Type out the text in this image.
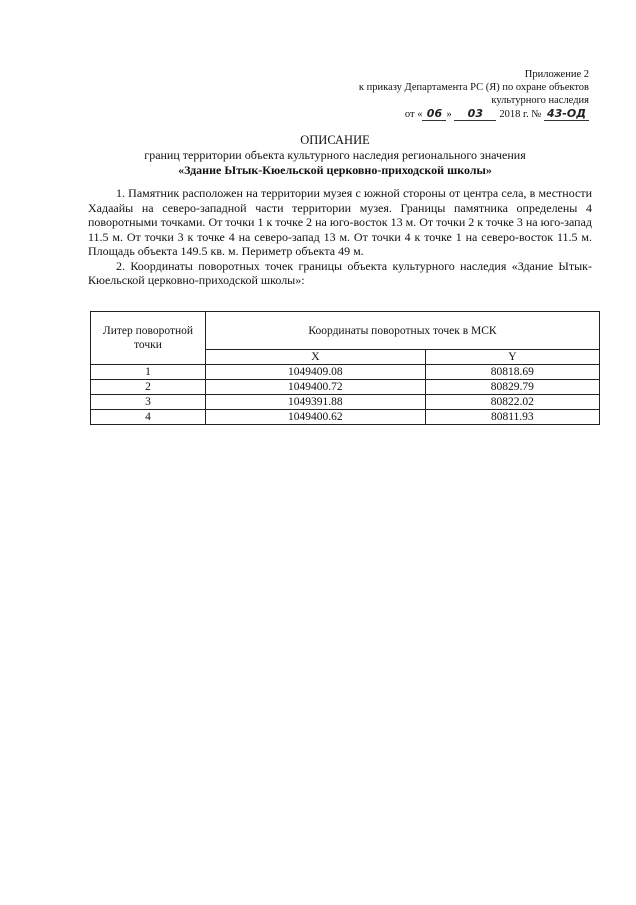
Приложение 2
к приказу Департамента РС (Я) по охране объектов
культурного наследия
от « 06 » 03 2018 г. № 43-ОД
ОПИСАНИЕ
границ территории объекта культурного наследия регионального значения
«Здание Ытык-Кюельской церковно-приходской школы»

1. Памятник расположен на территории музея с южной стороны от центра села, в местности Хадаайы на северо-западной части территории музея. Границы памятника определены 4 поворотными точками. От точки 1 к точке 2 на юго-восток 13 м. От точки 2 к точке 3 на юго-запад 11.5 м. От точки 3 к точке 4 на северо-запад 13 м. От точки 4 к точке 1 на северо-восток 11.5 м. Площадь объекта 149.5 кв. м. Периметр объекта 49 м.

2. Координаты поворотных точек границы объекта культурного наследия «Здание Ытык-Кюельской церковно-приходской школы»:

Литер поворотной точки	Координаты поворотных точек в МСК	
	X	Y
1	1049409.08	80818.69
2	1049400.72	80829.79
3	1049391.88	80822.02
4	1049400.62	80811.93
